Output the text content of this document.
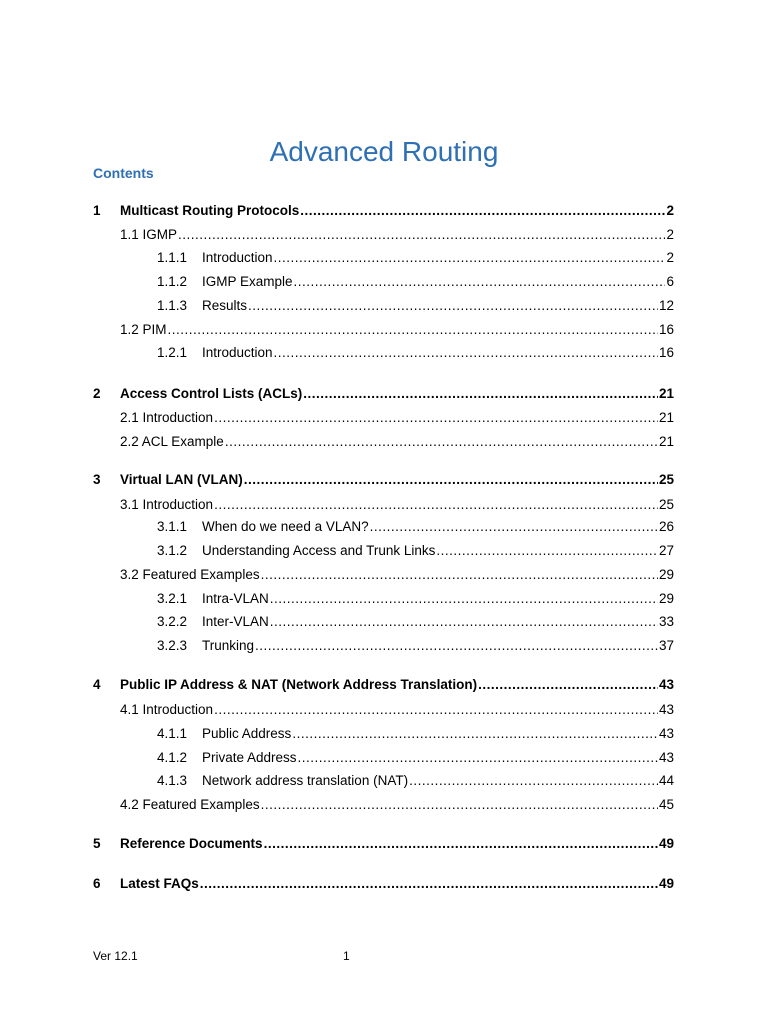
Advanced Routing
Contents
1	Multicast Routing Protocols .....	2
1.1 IGMP .....	2
1.1.1	Introduction .....	2
1.1.2	IGMP Example .....	6
1.1.3	Results .....	12
1.2 PIM .....	16
1.2.1	Introduction .....	16
2	Access Control Lists (ACLs) .....	21
2.1 Introduction .....	21
2.2 ACL Example .....	21
3	Virtual LAN (VLAN) .....	25
3.1 Introduction .....	25
3.1.1	When do we need a VLAN? .....	26
3.1.2	Understanding Access and Trunk Links .....	27
3.2 Featured Examples .....	29
3.2.1	Intra-VLAN .....	29
3.2.2	Inter-VLAN .....	33
3.2.3	Trunking .....	37
4	Public IP Address & NAT (Network Address Translation) .....	43
4.1 Introduction .....	43
4.1.1	Public Address .....	43
4.1.2	Private Address .....	43
4.1.3	Network address translation (NAT) .....	44
4.2 Featured Examples .....	45
5	Reference Documents .....	49
6	Latest FAQs .....	49
Ver 12.1	1
